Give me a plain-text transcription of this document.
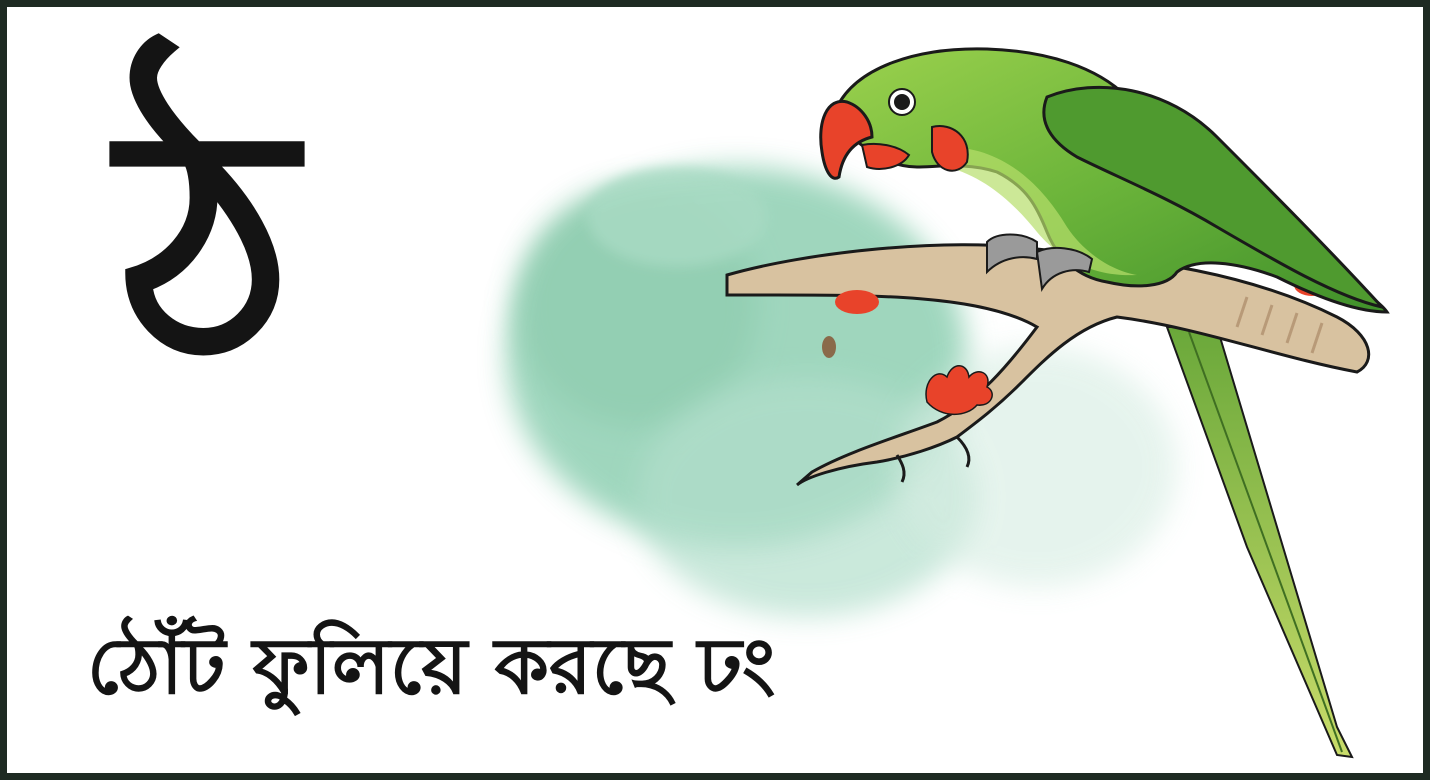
ঠ
ঠোঁট ফুলিয়ে করছে ঢং
